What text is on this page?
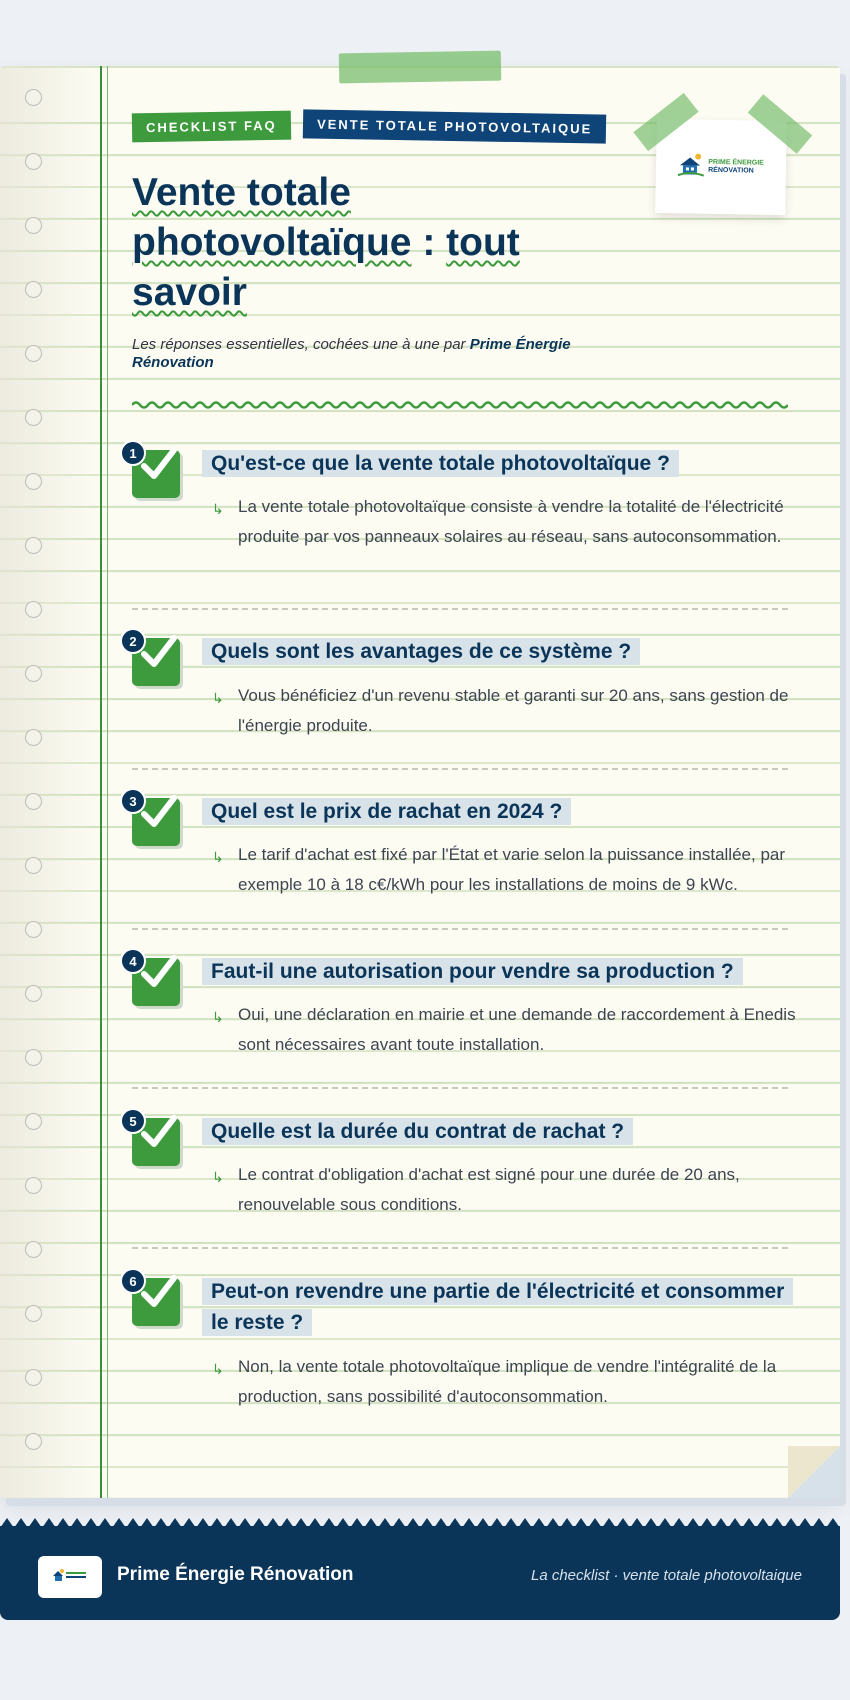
CHECKLIST FAQ	VENTE TOTALE PHOTOVOLTAIQUE
PRIME ÉNERGIE
RÉNOVATION
Vente totale
photovoltaïque : tout
savoir

Les réponses essentielles, cochées une à une par Prime Énergie Rénovation

1	Qu'est-ce que la vente totale photovoltaïque ?
↳ La vente totale photovoltaïque consiste à vendre la totalité de l'électricité produite par vos panneaux solaires au réseau, sans autoconsommation.
2	Quels sont les avantages de ce système ?
↳ Vous bénéficiez d'un revenu stable et garanti sur 20 ans, sans gestion de l'énergie produite.
3	Quel est le prix de rachat en 2024 ?
↳ Le tarif d'achat est fixé par l'État et varie selon la puissance installée, par exemple 10 à 18 c€/kWh pour les installations de moins de 9 kWc.
4	Faut-il une autorisation pour vendre sa production ?
↳ Oui, une déclaration en mairie et une demande de raccordement à Enedis sont nécessaires avant toute installation.
5	Quelle est la durée du contrat de rachat ?
↳ Le contrat d'obligation d'achat est signé pour une durée de 20 ans, renouvelable sous conditions.
6	Peut-on revendre une partie de l'électricité et consommer le reste ?
↳ Non, la vente totale photovoltaïque implique de vendre l'intégralité de la production, sans possibilité d'autoconsommation.
Prime Énergie Rénovation	La checklist · vente totale photovoltaique
